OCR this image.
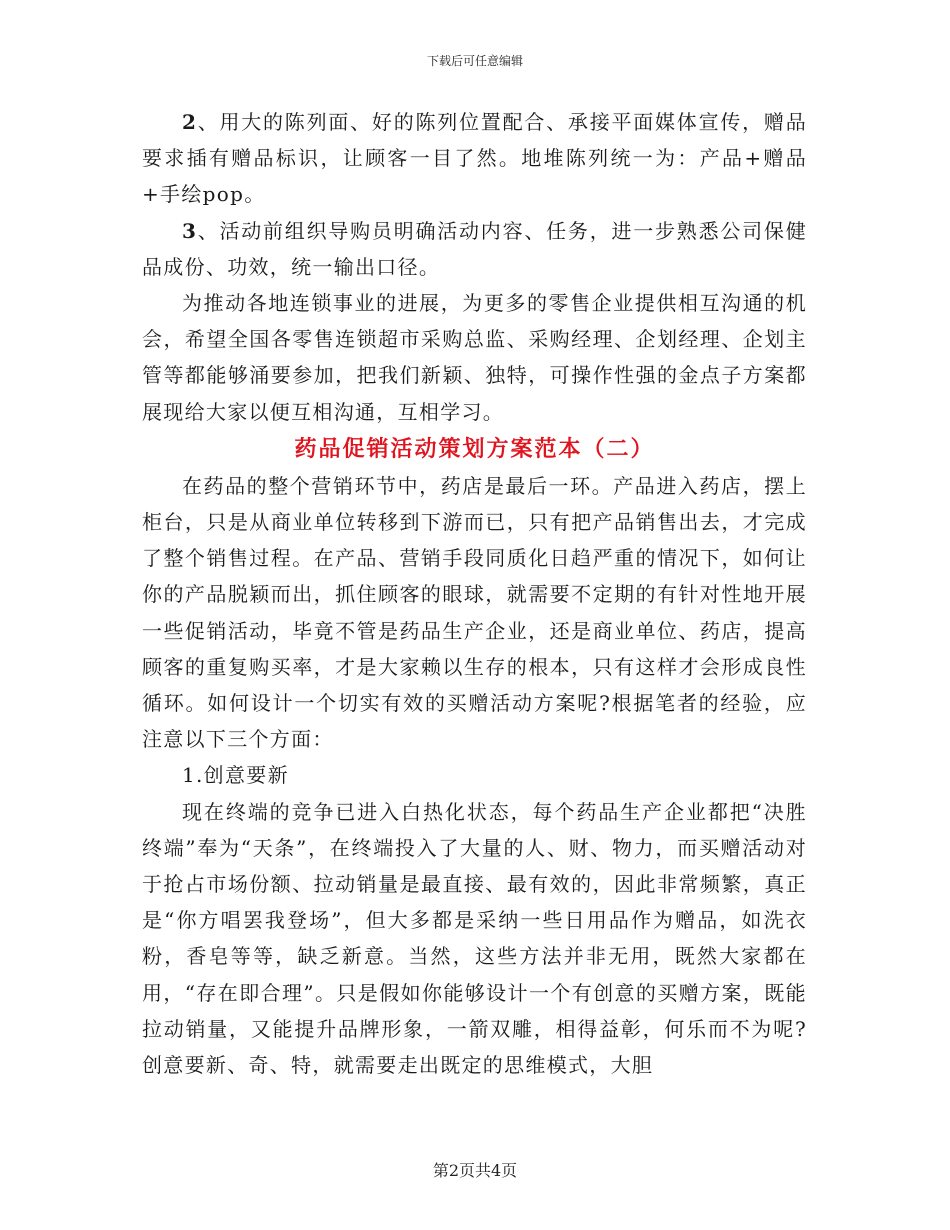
下载后可任意编辑

2、用大的陈列面、好的陈列位置配合、承接平面媒体宣传，赠品要求插有赠品标识，让顾客一目了然。地堆陈列统一为：产品+赠品+手绘pop。

3、活动前组织导购员明确活动内容、任务，进一步熟悉公司保健品成份、功效，统一输出口径。

为推动各地连锁事业的进展，为更多的零售企业提供相互沟通的机会，希望全国各零售连锁超市采购总监、采购经理、企划经理、企划主管等都能够涌要参加，把我们新颖、独特，可操作性强的金点子方案都展现给大家以便互相沟通，互相学习。

药品促销活动策划方案范本（二）

在药品的整个营销环节中，药店是最后一环。产品进入药店，摆上柜台，只是从商业单位转移到下游而已，只有把产品销售出去，才完成了整个销售过程。在产品、营销手段同质化日趋严重的情况下，如何让你的产品脱颖而出，抓住顾客的眼球，就需要不定期的有针对性地开展一些促销活动，毕竟不管是药品生产企业，还是商业单位、药店，提高顾客的重复购买率，才是大家赖以生存的根本，只有这样才会形成良性循环。如何设计一个切实有效的买赠活动方案呢?根据笔者的经验，应注意以下三个方面：

1.创意要新

现在终端的竞争已进入白热化状态，每个药品生产企业都把“决胜终端”奉为“天条”，在终端投入了大量的人、财、物力，而买赠活动对于抢占市场份额、拉动销量是最直接、最有效的，因此非常频繁，真正是“你方唱罢我登场”，但大多都是采纳一些日用品作为赠品，如洗衣粉，香皂等等，缺乏新意。当然，这些方法并非无用，既然大家都在用，“存在即合理”。只是假如你能够设计一个有创意的买赠方案，既能拉动销量，又能提升品牌形象，一箭双雕，相得益彰，何乐而不为呢?创意要新、奇、特，就需要走出既定的思维模式，大胆

第2页共4页
